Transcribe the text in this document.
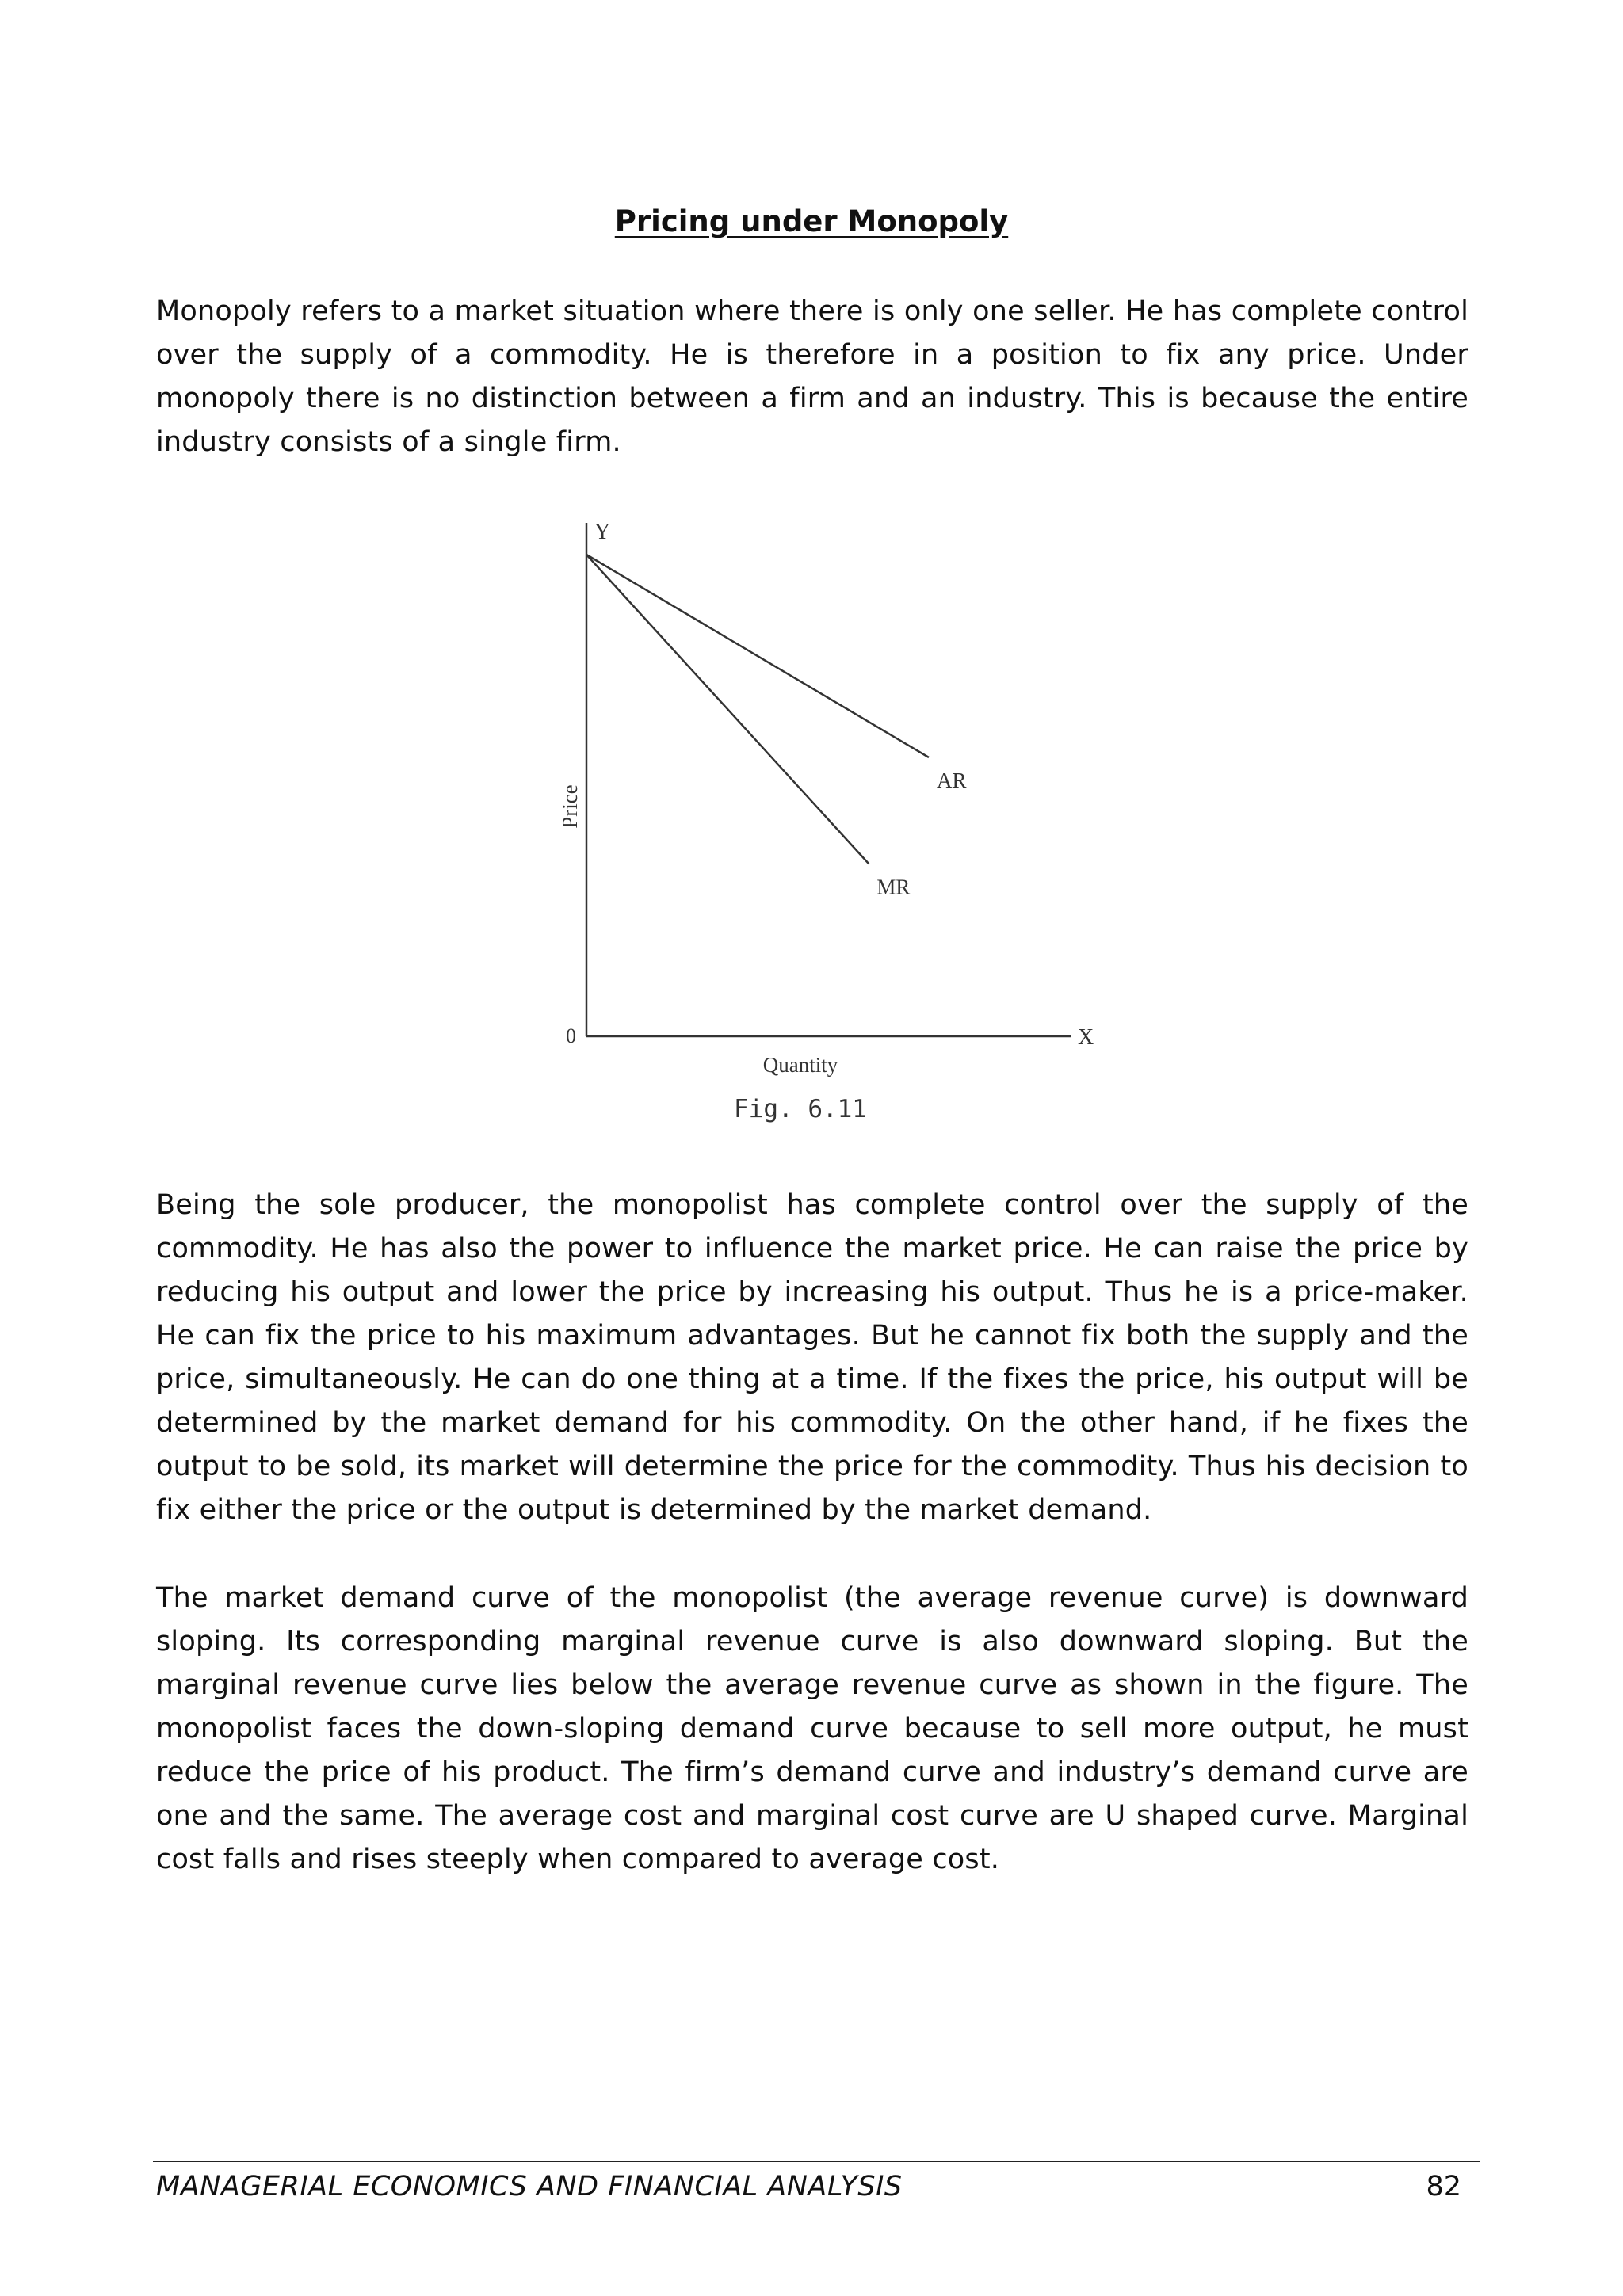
Pricing under Monopoly

Monopoly refers to a market situation where there is only one seller. He has complete control over the supply of a commodity. He is therefore in a position to fix any price. Under monopoly there is no distinction between a firm and an industry. This is because the entire industry consists of a single firm.

Y
X
0
Price
Quantity
AR
MR
Fig. 6.11

Being the sole producer, the monopolist has complete control over the supply of the commodity. He has also the power to influence the market price. He can raise the price by reducing his output and lower the price by increasing his output. Thus he is a price-maker. He can fix the price to his maximum advantages. But he cannot fix both the supply and the price, simultaneously. He can do one thing at a time. If the fixes the price, his output will be determined by the market demand for his commodity. On the other hand, if he fixes the output to be sold, its market will determine the price for the commodity. Thus his decision to fix either the price or the output is determined by the market demand.

The market demand curve of the monopolist (the average revenue curve) is downward sloping. Its corresponding marginal revenue curve is also downward sloping. But the marginal revenue curve lies below the average revenue curve as shown in the figure. The monopolist faces the down-sloping demand curve because to sell more output, he must reduce the price of his product. The firm’s demand curve and industry’s demand curve are one and the same. The average cost and marginal cost curve are U shaped curve. Marginal cost falls and rises steeply when compared to average cost.

MANAGERIAL ECONOMICS AND FINANCIAL ANALYSIS	82
